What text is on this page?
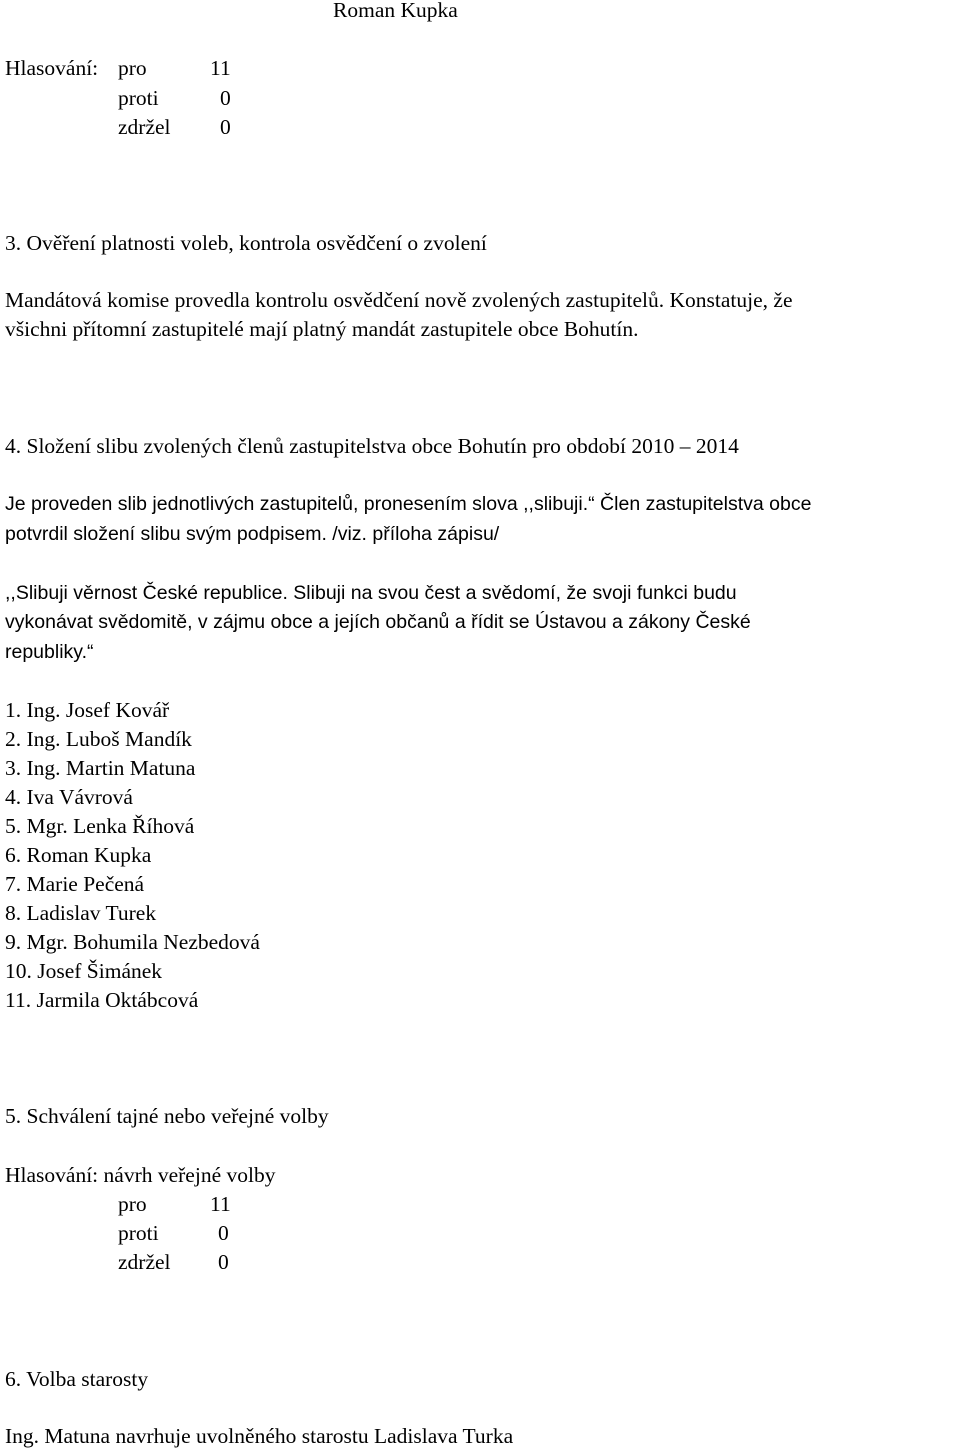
Roman Kupka
Hlasování: pro	11
proti	0
zdržel 0
3. Ověření platnosti voleb, kontrola osvědčení o zvolení
Mandátová komise provedla kontrolu osvědčení nově zvolených zastupitelů. Konstatuje, že
všichni přítomní zastupitelé mají platný mandát zastupitele obce Bohutín.
4. Složení slibu zvolených členů zastupitelstva obce Bohutín pro období 2010 – 2014
Je proveden slib jednotlivých zastupitelů, pronesením slova ,,slibuji.“ Člen zastupitelstva obce
potvrdil složení slibu svým podpisem. /viz. příloha zápisu/
,,Slibuji věrnost České republice. Slibuji na svou čest a svědomí, že svoji funkci budu
vykonávat svědomitě, v zájmu obce a jejích občanů a řídit se Ústavou a zákony České
republiky.“
1. Ing. Josef Kovář
2. Ing. Luboš Mandík
3. Ing. Martin Matuna
4. Iva Vávrová
5. Mgr. Lenka Říhová
6. Roman Kupka
7. Marie Pečená
8. Ladislav Turek
9. Mgr. Bohumila Nezbedová
10. Josef Šimánek
11. Jarmila Oktábcová
5. Schválení tajné nebo veřejné volby
Hlasování: návrh veřejné volby
pro	11
proti	0
zdržel 0
6. Volba starosty
Ing. Matuna navrhuje uvolněného starostu Ladislava Turka
